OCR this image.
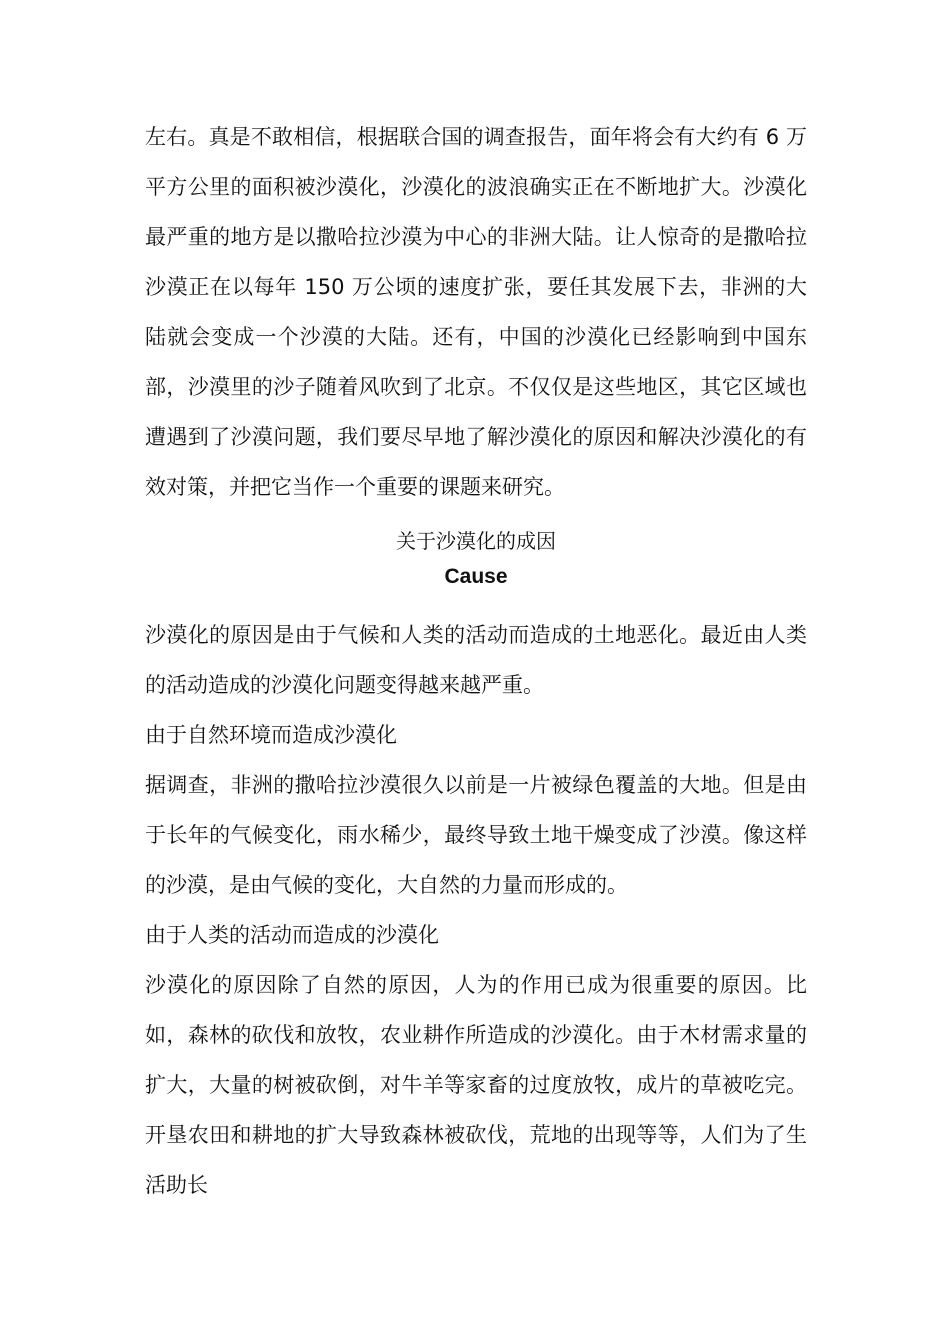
左右。真是不敢相信，根据联合国的调查报告，面年将会有大约有 6 万平方公里的面积被沙漠化，沙漠化的波浪确实正在不断地扩大。沙漠化最严重的地方是以撒哈拉沙漠为中心的非洲大陆。让人惊奇的是撒哈拉沙漠正在以每年 150 万公顷的速度扩张，要任其发展下去，非洲的大陆就会变成一个沙漠的大陆。还有，中国的沙漠化已经影响到中国东部，沙漠里的沙子随着风吹到了北京。不仅仅是这些地区，其它区域也遭遇到了沙漠问题，我们要尽早地了解沙漠化的原因和解决沙漠化的有效对策，并把它当作一个重要的课题来研究。

关于沙漠化的成因
Cause

沙漠化的原因是由于气候和人类的活动而造成的土地恶化。最近由人类的活动造成的沙漠化问题变得越来越严重。

由于自然环境而造成沙漠化

据调查，非洲的撒哈拉沙漠很久以前是一片被绿色覆盖的大地。但是由于长年的气候变化，雨水稀少，最终导致土地干燥变成了沙漠。像这样的沙漠，是由气候的变化，大自然的力量而形成的。

由于人类的活动而造成的沙漠化

沙漠化的原因除了自然的原因，人为的作用已成为很重要的原因。比如，森林的砍伐和放牧，农业耕作所造成的沙漠化。由于木材需求量的扩大，大量的树被砍倒，对牛羊等家畜的过度放牧，成片的草被吃完。开垦农田和耕地的扩大导致森林被砍伐，荒地的出现等等，人们为了生活助长
